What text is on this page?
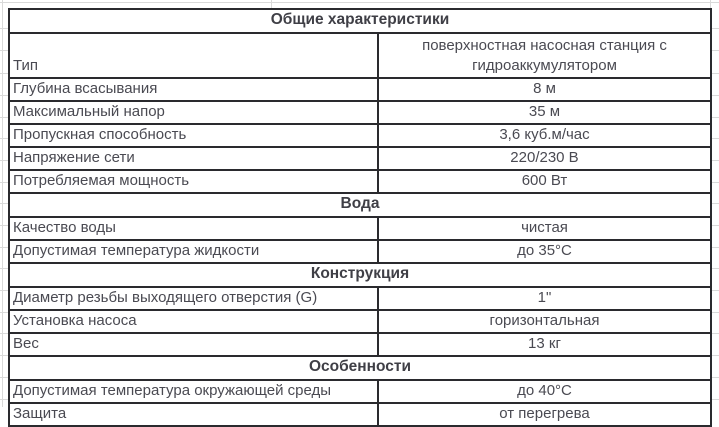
Общие характеристики	
Тип	поверхностная насосная станция с гидроаккумулятором
Глубина всасывания	8 м
Максимальный напор	35 м
Пропускная способность	3,6 куб.м/час
Напряжение сети	220/230 В
Потребляемая мощность	600 Вт
Вода	
Качество воды	чистая
Допустимая температура жидкости	до 35°С
Конструкция	
Диаметр резьбы выходящего отверстия (G)	1"
Установка насоса	горизонтальная
Вес	13 кг
Особенности	
Допустимая температура окружающей среды	до 40°С
Защита	от перегрева
